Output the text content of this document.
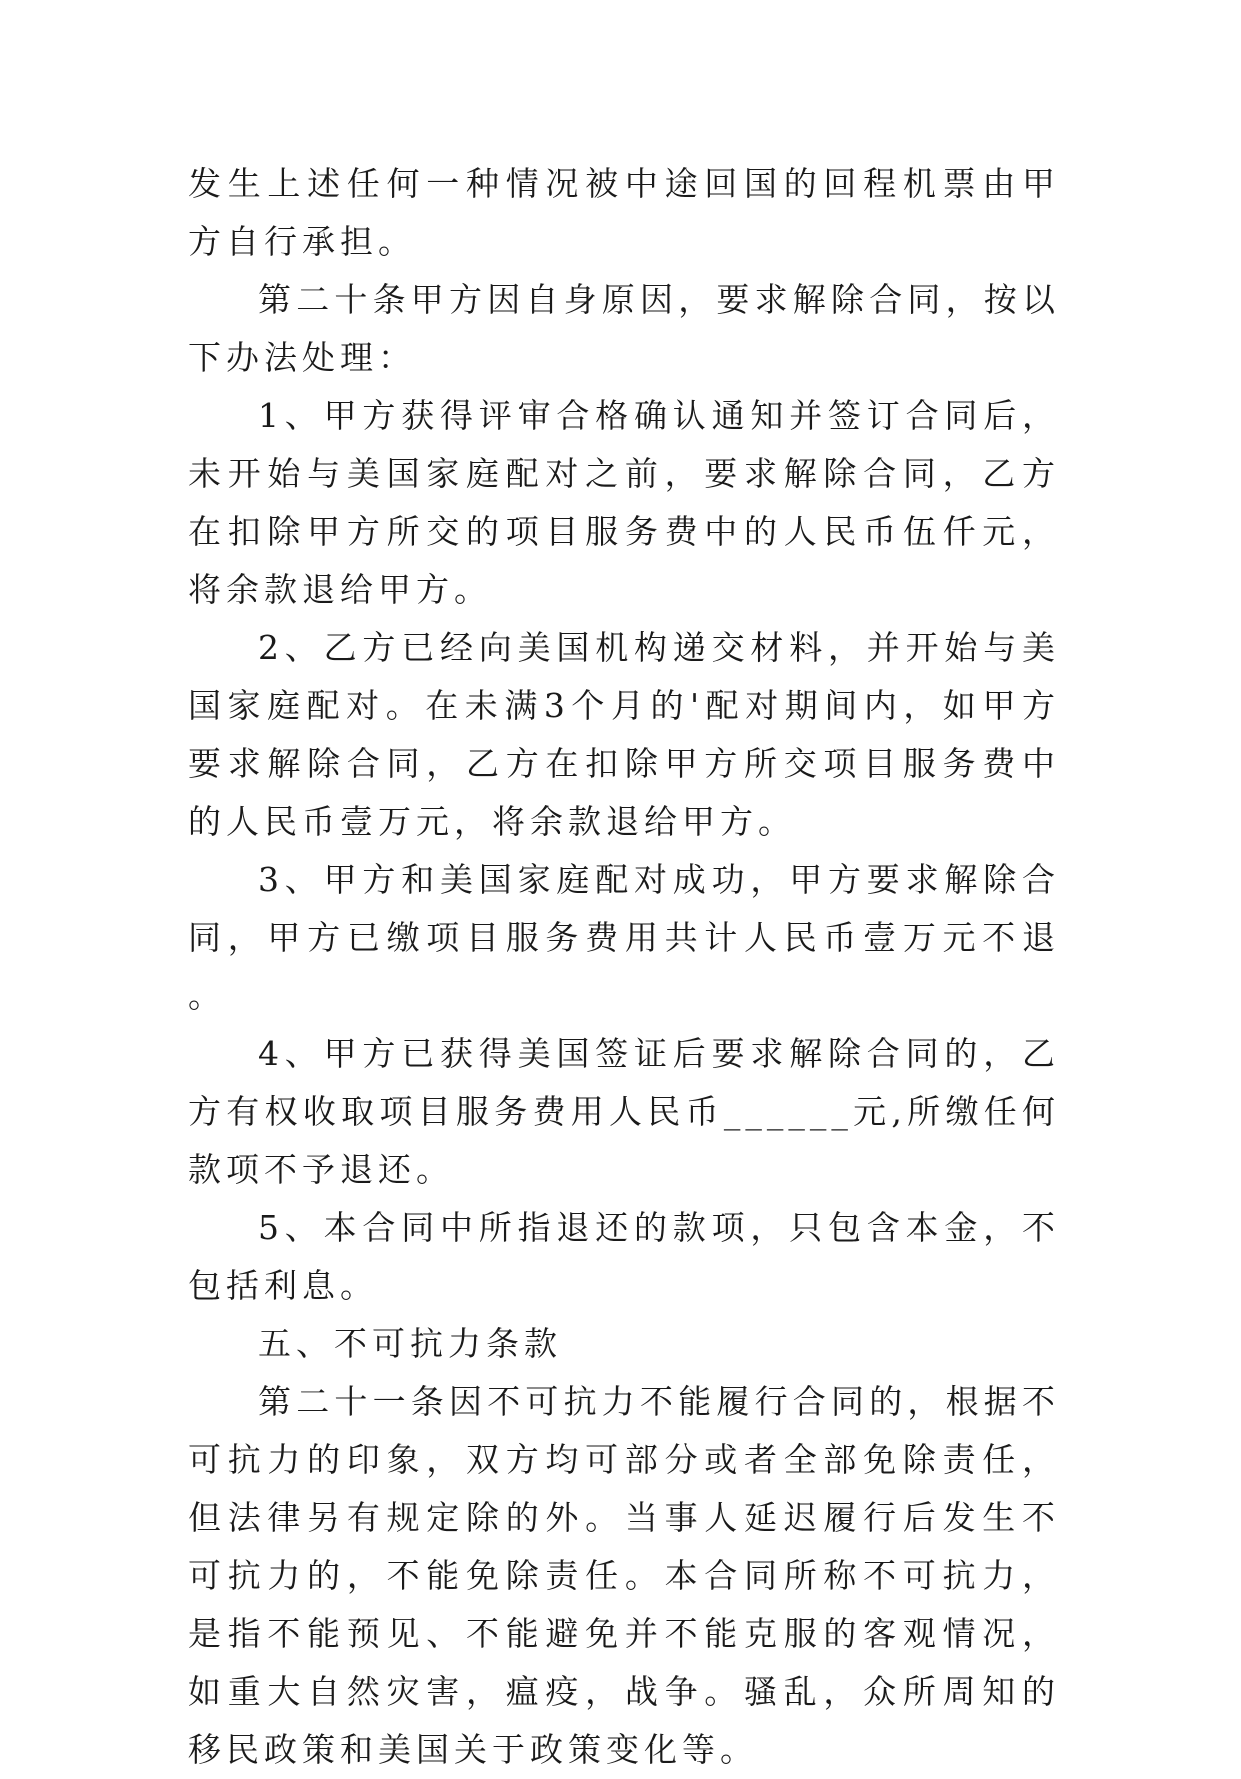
发生上述任何一种情况被中途回国的回程机票由甲方自行承担。

第二十条甲方因自身原因，要求解除合同，按以下办法处理：

1、甲方获得评审合格确认通知并签订合同后，未开始与美国家庭配对之前，要求解除合同，乙方在扣除甲方所交的项目服务费中的人民币伍仟元，将余款退给甲方。

2、乙方已经向美国机构递交材料，并开始与美国家庭配对。在未满3个月的'配对期间内，如甲方要求解除合同，乙方在扣除甲方所交项目服务费中的人民币壹万元，将余款退给甲方。

3、甲方和美国家庭配对成功，甲方要求解除合同，甲方已缴项目服务费用共计人民币壹万元不退。

4、甲方已获得美国签证后要求解除合同的，乙方有权收取项目服务费用人民币______元,所缴任何款项不予退还。

5、本合同中所指退还的款项，只包含本金，不包括利息。

五、不可抗力条款

第二十一条因不可抗力不能履行合同的，根据不可抗力的印象，双方均可部分或者全部免除责任，但法律另有规定除的外。当事人延迟履行后发生不可抗力的，不能免除责任。本合同所称不可抗力，是指不能预见、不能避免并不能克服的客观情况，如重大自然灾害，瘟疫，战争。骚乱，众所周知的移民政策和美国关于政策变化等。
